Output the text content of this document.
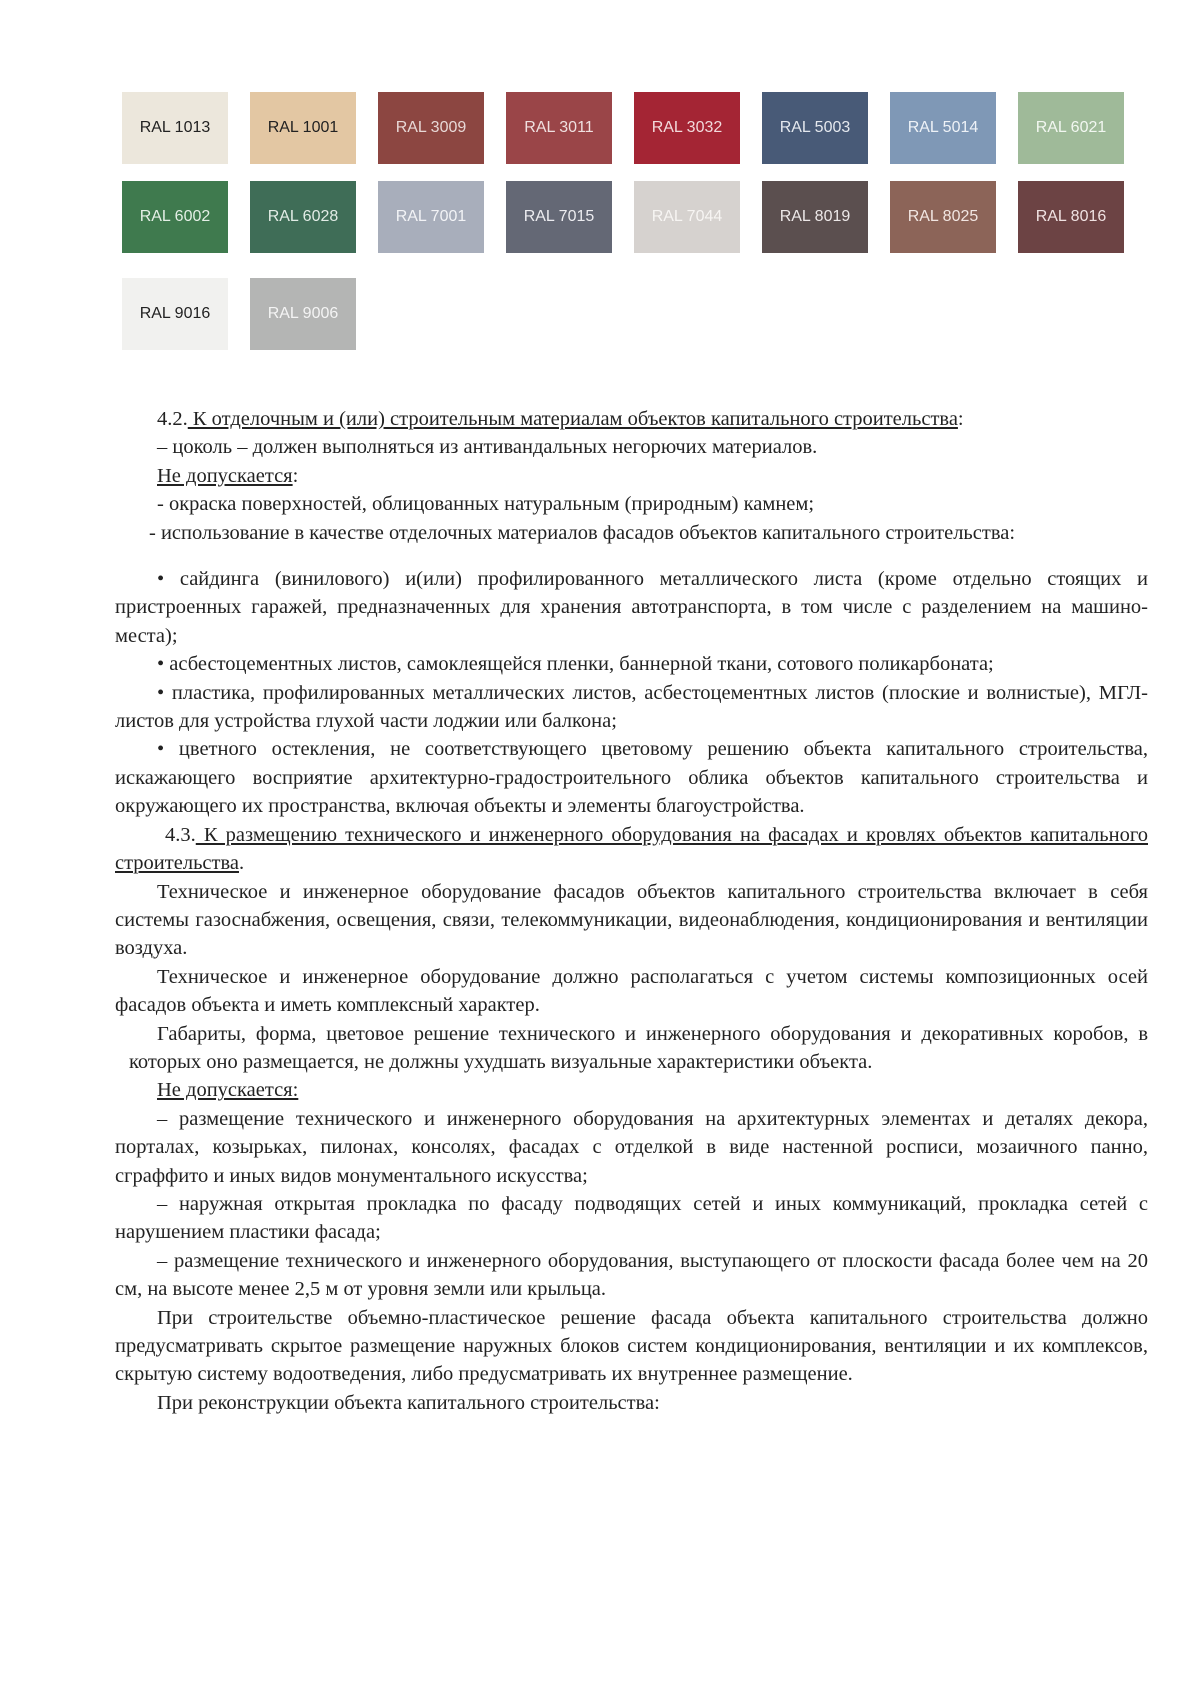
RAL 1013	RAL 1001	RAL 3009	RAL 3011	RAL 3032	RAL 5003	RAL 5014	RAL 6021
RAL 6002	RAL 6028	RAL 7001	RAL 7015	RAL 7044	RAL 8019	RAL 8025	RAL 8016
RAL 9016	RAL 9006

4.2. К отделочным и (или) строительным материалам объектов капитального строительства:

– цоколь – должен выполняться из антивандальных негорючих материалов.

Не допускается:

- окраска поверхностей, облицованных натуральным (природным) камнем;

- использование в качестве отделочных материалов фасадов объектов капитального строительства:

• сайдинга (винилового) и(или) профилированного металлического листа (кроме отдельно стоящих и пристроенных гаражей, предназначенных для хранения автотранспорта, в том числе с разделением на машино-места);

• асбестоцементных листов, самоклеящейся пленки, баннерной ткани, сотового поликарбоната;

• пластика, профилированных металлических листов, асбестоцементных листов (плоские и волнистые), МГЛ-листов для устройства глухой части лоджии или балкона;

• цветного остекления, не соответствующего цветовому решению объекта капитального строительства, искажающего восприятие архитектурно-градостроительного облика объектов капитального строительства и окружающего их пространства, включая объекты и элементы благоустройства.

4.3. К размещению технического и инженерного оборудования на фасадах и кровлях объектов капитального строительства.

Техническое и инженерное оборудование фасадов объектов капитального строительства включает в себя системы газоснабжения, освещения, связи, телекоммуникации, видеонаблюдения, кондиционирования и вентиляции воздуха.

Техническое и инженерное оборудование должно располагаться с учетом системы композиционных осей фасадов объекта и иметь комплексный характер.

Габариты, форма, цветовое решение технического и инженерного оборудования и декоративных коробов, в которых оно размещается, не должны ухудшать визуальные характеристики объекта.

Не допускается:

– размещение технического и инженерного оборудования на архитектурных элементах и деталях декора, порталах, козырьках, пилонах, консолях, фасадах с отделкой в виде настенной росписи, мозаичного панно, сграффито и иных видов монументального искусства;

– наружная открытая прокладка по фасаду подводящих сетей и иных коммуникаций, прокладка сетей с нарушением пластики фасада;

– размещение технического и инженерного оборудования, выступающего от плоскости фасада более чем на 20 см, на высоте менее 2,5 м от уровня земли или крыльца.

При строительстве объемно-пластическое решение фасада объекта капитального строительства должно предусматривать скрытое размещение наружных блоков систем кондиционирования, вентиляции и их комплексов, скрытую систему водоотведения, либо предусматривать их внутреннее размещение.

При реконструкции объекта капитального строительства:
